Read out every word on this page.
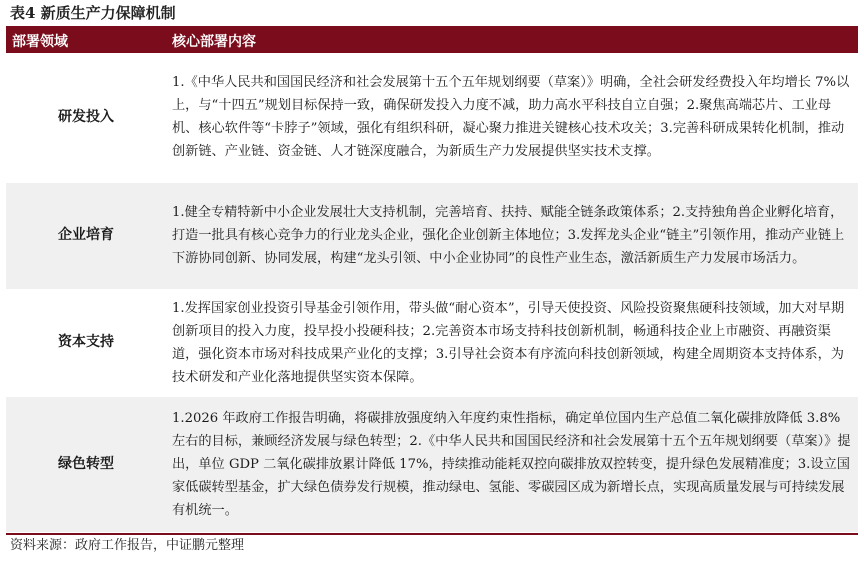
表4 新质生产力保障机制
部署领域	核心部署内容
研发投入	1.《中华人民共和国国民经济和社会发展第十五个五年规划纲要（草案）》明确，全社会研发经费投入年均增长 7%以上，与“十四五”规划目标保持一致，确保研发投入力度不减，助力高水平科技自立自强；2.聚焦高端芯片、工业母机、核心软件等“卡脖子”领域，强化有组织科研，凝心聚力推进关键核心技术攻关；3.完善科研成果转化机制，推动创新链、产业链、资金链、人才链深度融合，为新质生产力发展提供坚实技术支撑。
企业培育	1.健全专精特新中小企业发展壮大支持机制，完善培育、扶持、赋能全链条政策体系；2.支持独角兽企业孵化培育，打造一批具有核心竞争力的行业龙头企业，强化企业创新主体地位；3.发挥龙头企业“链主”引领作用，推动产业链上下游协同创新、协同发展，构建“龙头引领、中小企业协同”的良性产业生态，激活新质生产力发展市场活力。
资本支持	1.发挥国家创业投资引导基金引领作用，带头做“耐心资本”，引导天使投资、风险投资聚焦硬科技领域，加大对早期创新项目的投入力度，投早投小投硬科技；2.完善资本市场支持科技创新机制，畅通科技企业上市融资、再融资渠道，强化资本市场对科技成果产业化的支撑；3.引导社会资本有序流向科技创新领域，构建全周期资本支持体系，为技术研发和产业化落地提供坚实资本保障。
绿色转型	1.2026 年政府工作报告明确，将碳排放强度纳入年度约束性指标，确定单位国内生产总值二氧化碳排放降低 3.8%左右的目标，兼顾经济发展与绿色转型；2.《中华人民共和国国民经济和社会发展第十五个五年规划纲要（草案）》提出，单位 GDP 二氧化碳排放累计降低 17%，持续推动能耗双控向碳排放双控转变，提升绿色发展精准度；3.设立国家低碳转型基金，扩大绿色债券发行规模，推动绿电、氢能、零碳园区成为新增长点，实现高质量发展与可持续发展有机统一。
资料来源：政府工作报告，中证鹏元整理
